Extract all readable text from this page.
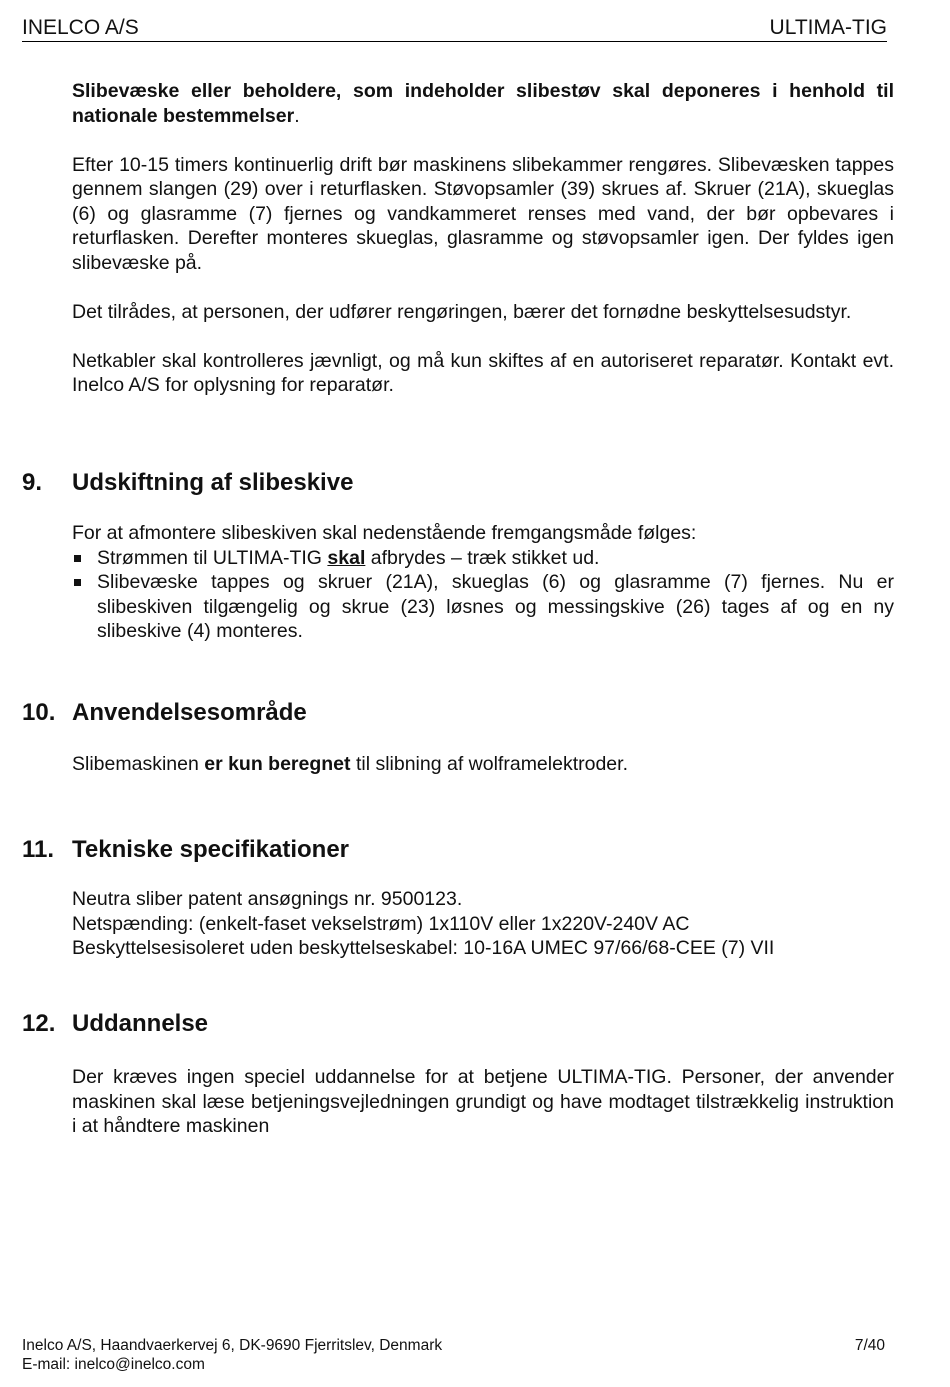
INELCO A/S	ULTIMA-TIG

Slibevæske eller beholdere, som indeholder slibestøv skal deponeres i henhold til nationale bestemmelser.

Efter 10-15 timers kontinuerlig drift bør maskinens slibekammer rengøres. Slibevæsken tappes gennem slangen (29) over i returflasken. Støvopsamler (39) skrues af. Skruer (21A), skueglas (6) og glasramme (7) fjernes og vandkammeret renses med vand, der bør opbevares i returflasken. Derefter monteres skueglas, glasramme og støvopsamler igen. Der fyldes igen slibevæske på.

Det tilrådes, at personen, der udfører rengøringen, bærer det fornødne beskyttelsesudstyr.

Netkabler skal kontrolleres jævnligt, og må kun skiftes af en autoriseret reparatør. Kontakt evt. Inelco A/S for oplysning for reparatør.

9. Udskiftning af slibeskive

For at afmontere slibeskiven skal nedenstående fremgangsmåde følges:

Strømmen til ULTIMA-TIG skal afbrydes – træk stikket ud.
Slibevæske tappes og skruer (21A), skueglas (6) og glasramme (7) fjernes. Nu er slibeskiven tilgængelig og skrue (23) løsnes og messingskive (26) tages af og en ny slibeskive (4) monteres.
10. Anvendelsesområde

Slibemaskinen er kun beregnet til slibning af wolframelektroder.

11. Tekniske specifikationer

Neutra sliber patent ansøgnings nr. 9500123.

Netspænding: (enkelt-faset vekselstrøm) 1x110V eller 1x220V-240V AC

Beskyttelsesisoleret uden beskyttelseskabel: 10-16A UMEC 97/66/68-CEE (7) VII

12. Uddannelse

Der kræves ingen speciel uddannelse for at betjene ULTIMA-TIG. Personer, der anvender maskinen skal læse betjeningsvejledningen grundigt og have modtaget tilstrækkelig instruktion i at håndtere maskinen

Inelco A/S, Haandvaerkervej 6, DK-9690 Fjerritslev, Denmark
E-mail: inelco@inelco.com
7/40
